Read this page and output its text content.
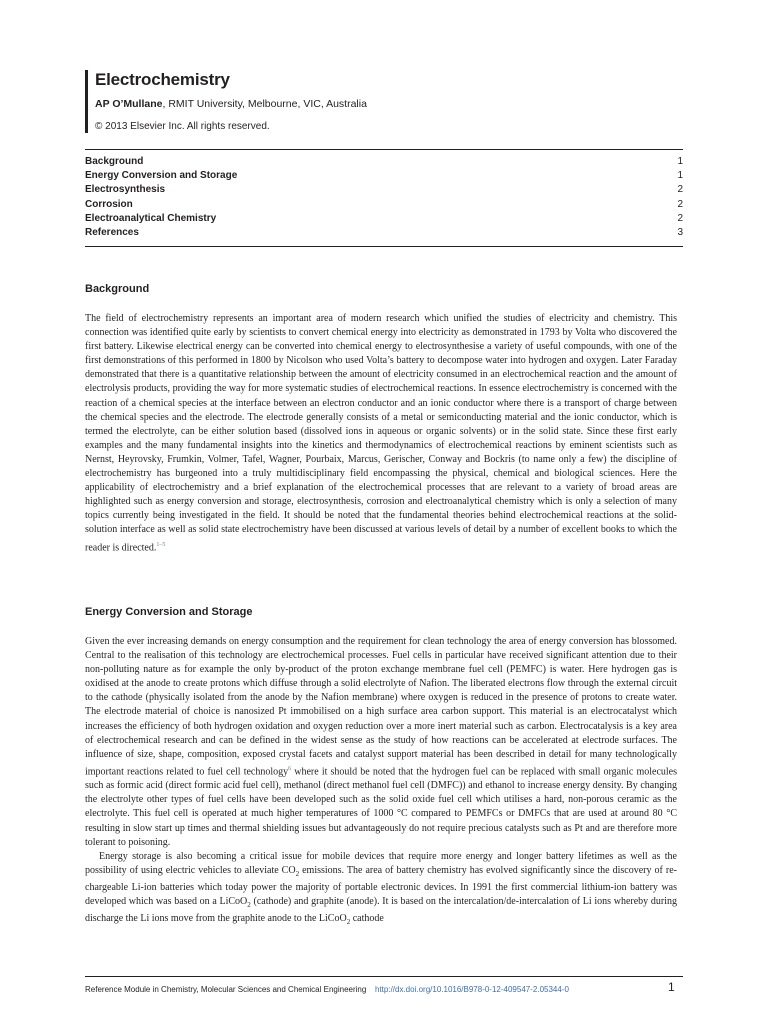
Electrochemistry
AP O’Mullane, RMIT University, Melbourne, VIC, Australia
© 2013 Elsevier Inc. All rights reserved.
Background	1
Energy Conversion and Storage	1
Electrosynthesis	2
Corrosion	2
Electroanalytical Chemistry	2
References	3
Background

The field of electrochemistry represents an important area of modern research which unified the studies of electricity and chemistry. This connection was identified quite early by scientists to convert chemical energy into electricity as demonstrated in 1793 by Volta who discovered the first battery. Likewise electrical energy can be converted into chemical energy to electrosynthesise a variety of useful compounds, with one of the first demonstrations of this performed in 1800 by Nicolson who used Volta’s battery to decompose water into hydrogen and oxygen. Later Faraday demonstrated that there is a quantitative relationship between the amount of electricity consumed in an electrochemical reaction and the amount of electrolysis products, providing the way for more systematic studies of electrochemical reactions. In essence electrochemistry is concerned with the reaction of a chemical species at the interface between an electron conductor and an ionic conductor where there is a transport of charge between the chemical species and the electrode. The electrode generally consists of a metal or semiconducting material and the ionic conductor, which is termed the electrolyte, can be either solution based (dissolved ions in aqueous or organic solvents) or in the solid state. Since these first early examples and the many fundamental insights into the kinetics and thermodynamics of electrochemical reactions by eminent scientists such as Nernst, Heyrovsky, Frumkin, Volmer, Tafel, Wagner, Pourbaix, Marcus, Gerischer, Conway and Bockris (to name only a few) the discipline of electrochemistry has burgeoned into a truly multidisciplinary field encompassing the physical, chemical and biological sciences. Here the applicability of electrochemistry and a brief explanation of the electrochemical processes that are relevant to a variety of broad areas are highlighted such as energy conversion and storage, electrosynthesis, corrosion and electroanalytical chemistry which is only a selection of many topics currently being investigated in the field. It should be noted that the fundamental theories behind electrochemical reactions at the solid-solution interface as well as solid state electrochemistry have been discussed at various levels of detail by a number of excellent books to which the reader is directed.$^{1-5}$

Energy Conversion and Storage

Given the ever increasing demands on energy consumption and the requirement for clean technology the area of energy conversion has blossomed. Central to the realisation of this technology are electrochemical processes. Fuel cells in particular have received significant attention due to their non-polluting nature as for example the only by-product of the proton exchange membrane fuel cell (PEMFC) is water. Here hydrogen gas is oxidised at the anode to create protons which diffuse through a solid electrolyte of Nafion. The liberated electrons flow through the external circuit to the cathode (physically isolated from the anode by the Nafion membrane) where oxygen is reduced in the presence of protons to create water. The electrode material of choice is nanosized Pt immobilised on a high surface area carbon support. This material is an electrocatalyst which increases the efficiency of both hydrogen oxidation and oxygen reduction over a more inert material such as carbon. Electrocatalysis is a key area of electrochemical research and can be defined in the widest sense as the study of how reactions can be accelerated at electrode surfaces. The influence of size, shape, composition, exposed crystal facets and catalyst support material has been described in detail for many technologically important reactions related to fuel cell technology$^6$ where it should be noted that the hydrogen fuel can be replaced with small organic molecules such as formic acid (direct formic acid fuel cell), methanol (direct methanol fuel cell (DMFC)) and ethanol to increase energy density. By changing the electrolyte other types of fuel cells have been developed such as the solid oxide fuel cell which utilises a hard, non-porous ceramic as the electrolyte. This fuel cell is operated at much higher temperatures of 1000 °C compared to PEMFCs or DMFCs that are used at around 80 °C resulting in slow start up times and thermal shielding issues but advantageously do not require precious catalysts such as Pt and are therefore more tolerant to poisoning.

Energy storage is also becoming a critical issue for mobile devices that require more energy and longer battery lifetimes as well as the possibility of using electric vehicles to alleviate $CO_2$ emissions. The area of battery chemistry has evolved significantly since the discovery of re-chargeable Li-ion batteries which today power the majority of portable electronic devices. In 1991 the first commercial lithium-ion battery was developed which was based on a LiCoO$_2$ (cathode) and graphite (anode). It is based on the intercalation/de-intercalation of Li ions whereby during discharge the Li ions move from the graphite anode to the LiCoO$_2$ cathode

Reference Module in Chemistry, Molecular Sciences and Chemical Engineering http://dx.doi.org/10.1016/B978-0-12-409547-2.05344-0	1
